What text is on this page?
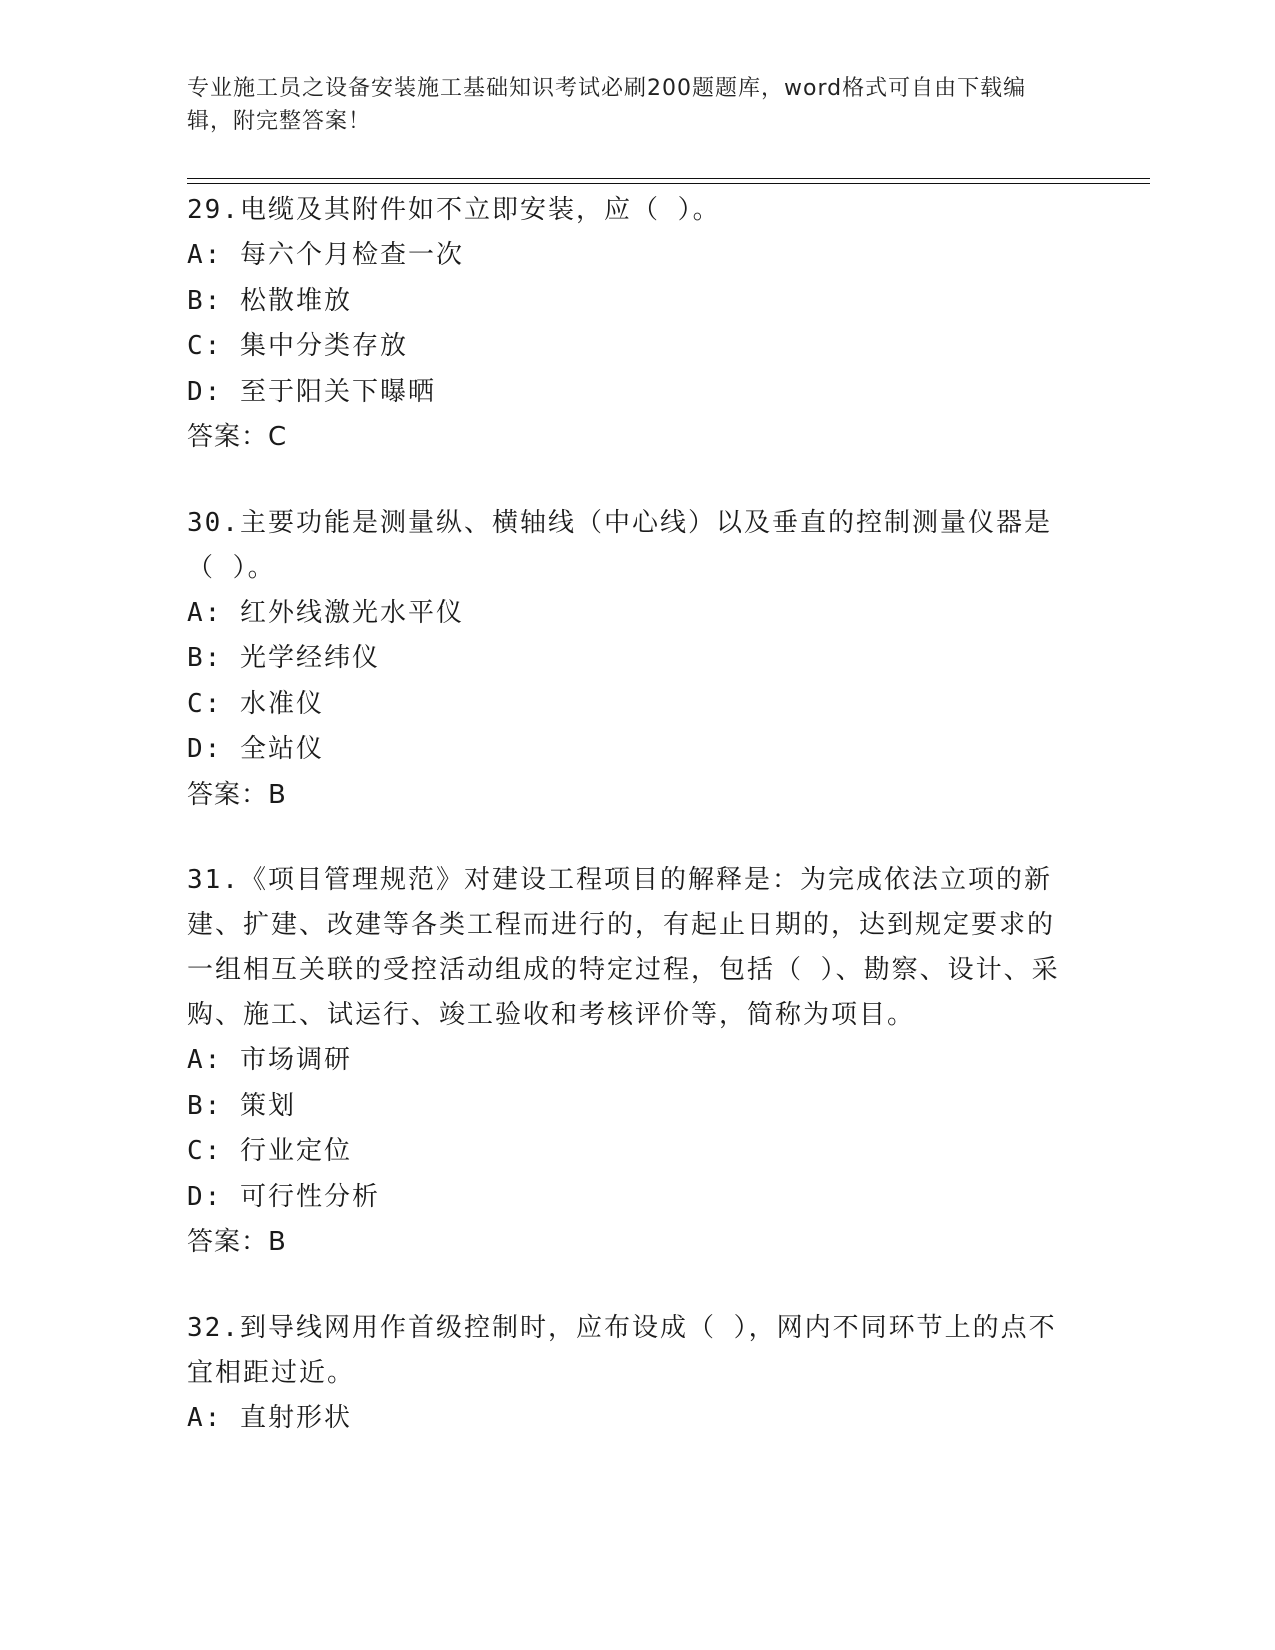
专业施工员之设备安装施工基础知识考试必刷200题题库，word格式可自由下载编辑，附完整答案！

29.电缆及其附件如不立即安装，应（ ）。

A: 每六个月检查一次

B: 松散堆放

C: 集中分类存放

D: 至于阳关下曝晒

答案：C

30.主要功能是测量纵、横轴线（中心线）以及垂直的控制测量仪器是（ ）。

A: 红外线激光水平仪

B: 光学经纬仪

C: 水准仪

D: 全站仪

答案：B

31.《项目管理规范》对建设工程项目的解释是：为完成依法立项的新建、扩建、改建等各类工程而进行的，有起止日期的，达到规定要求的一组相互关联的受控活动组成的特定过程，包括（ ）、勘察、设计、采购、施工、试运行、竣工验收和考核评价等，简称为项目。

A: 市场调研

B: 策划

C: 行业定位

D: 可行性分析

答案：B

32.到导线网用作首级控制时，应布设成（ ），网内不同环节上的点不宜相距过近。

A: 直射形状
